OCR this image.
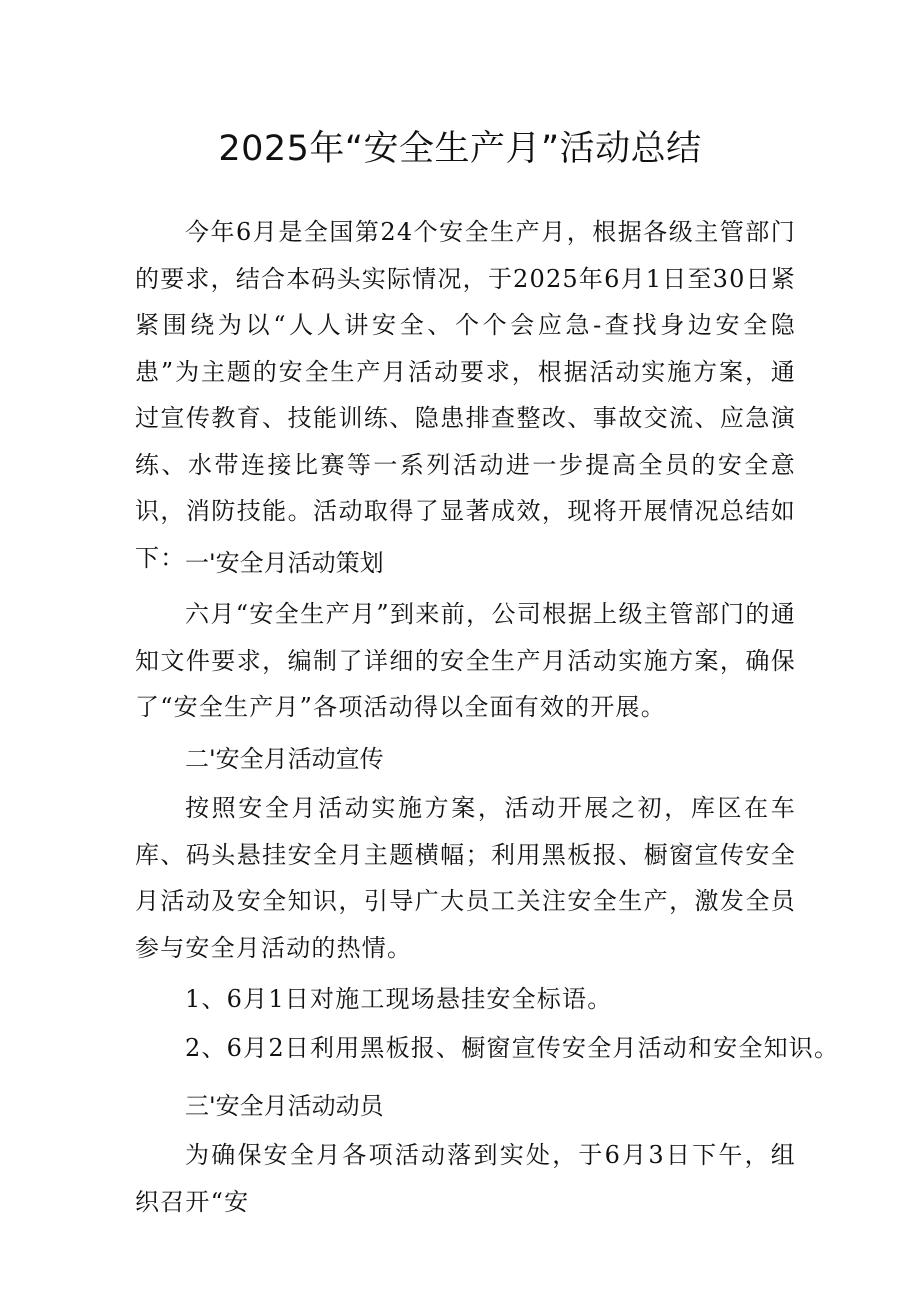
2025年“安全生产月”活动总结

今年6月是全国第24个安全生产月，根据各级主管部门的要求，结合本码头实际情况，于2025年6月1日至30日紧紧围绕为以“人人讲安全、个个会应急-查找身边安全隐患”为主题的安全生产月活动要求，根据活动实施方案，通过宣传教育、技能训练、隐患排查整改、事故交流、应急演练、水带连接比赛等一系列活动进一步提高全员的安全意识，消防技能。活动取得了显著成效，现将开展情况总结如下： 一'安全月活动策划

六月“安全生产月”到来前，公司根据上级主管部门的通知文件要求，编制了详细的安全生产月活动实施方案，确保了“安全生产月”各项活动得以全面有效的开展。

二'安全月活动宣传

按照安全月活动实施方案，活动开展之初，库区在车库、码头悬挂安全月主题横幅；利用黑板报、橱窗宣传安全月活动及安全知识，引导广大员工关注安全生产，激发全员参与安全月活动的热情。

1、6月1日对施工现场悬挂安全标语。

2、6月2日利用黑板报、橱窗宣传安全月活动和安全知识。

三'安全月活动动员

为确保安全月各项活动落到实处，于6月3日下午，组织召开“安
